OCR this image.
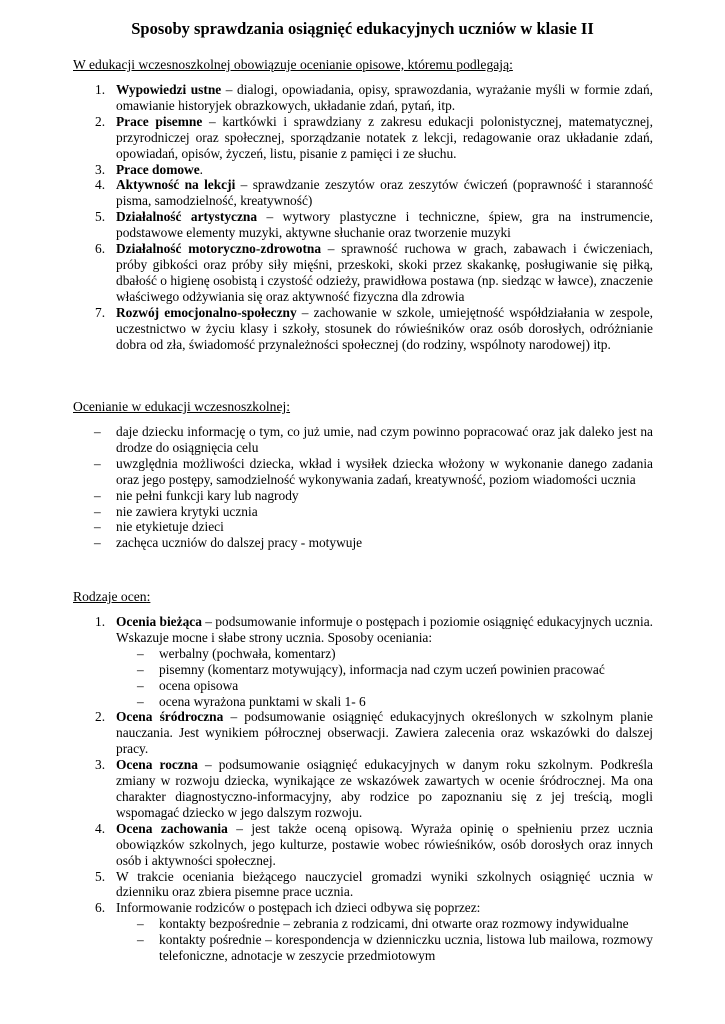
Sposoby sprawdzania osiągnięć edukacyjnych uczniów w klasie II
W edukacji wczesnoszkolnej obowiązuje ocenianie opisowe, któremu podlegają:
1. Wypowiedzi ustne – dialogi, opowiadania, opisy, sprawozdania, wyrażanie myśli w formie zdań, omawianie historyjek obrazkowych, układanie zdań, pytań, itp.
2. Prace pisemne – kartkówki i sprawdziany z zakresu edukacji polonistycznej, matematycznej, przyrodniczej oraz społecznej, sporządzanie notatek z lekcji, redagowanie oraz układanie zdań, opowiadań, opisów, życzeń, listu, pisanie z pamięci i ze słuchu.
3. Prace domowe.
4. Aktywność na lekcji – sprawdzanie zeszytów oraz zeszytów ćwiczeń (poprawność i staranność pisma, samodzielność, kreatywność)
5. Działalność artystyczna – wytwory plastyczne i techniczne, śpiew, gra na instrumencie, podstawowe elementy muzyki, aktywne słuchanie oraz tworzenie muzyki
6. Działalność motoryczno-zdrowotna – sprawność ruchowa w grach, zabawach i ćwiczeniach, próby gibkości oraz próby siły mięśni, przeskoki, skoki przez skakankę, posługiwanie się piłką, dbałość o higienę osobistą i czystość odzieży, prawidłowa postawa (np. siedząc w ławce), znaczenie właściwego odżywiania się oraz aktywność fizyczna dla zdrowia
7. Rozwój emocjonalno-społeczny – zachowanie w szkole, umiejętność współdziałania w zespole, uczestnictwo w życiu klasy i szkoły, stosunek do rówieśników oraz osób dorosłych, odróżnianie dobra od zła, świadomość przynależności społecznej (do rodziny, wspólnoty narodowej) itp.
Ocenianie w edukacji wczesnoszkolnej:
– daje dziecku informację o tym, co już umie, nad czym powinno popracować oraz jak daleko jest na drodze do osiągnięcia celu
– uwzględnia możliwości dziecka, wkład i wysiłek dziecka włożony w wykonanie danego zadania oraz jego postępy, samodzielność wykonywania zadań, kreatywność, poziom wiadomości ucznia
– nie pełni funkcji kary lub nagrody
– nie zawiera krytyki ucznia
– nie etykietuje dzieci
– zachęca uczniów do dalszej pracy - motywuje
Rodzaje ocen:
1. Ocenia bieżąca – podsumowanie informuje o postępach i poziomie osiągnięć edukacyjnych ucznia. Wskazuje mocne i słabe strony ucznia. Sposoby oceniania:
– werbalny (pochwała, komentarz)
– pisemny (komentarz motywujący), informacja nad czym uczeń powinien pracować
– ocena opisowa
– ocena wyrażona punktami w skali 1- 6
2. Ocena śródroczna – podsumowanie osiągnięć edukacyjnych określonych w szkolnym planie nauczania. Jest wynikiem półrocznej obserwacji. Zawiera zalecenia oraz wskazówki do dalszej pracy.
3. Ocena roczna – podsumowanie osiągnięć edukacyjnych w danym roku szkolnym. Podkreśla zmiany w rozwoju dziecka, wynikające ze wskazówek zawartych w ocenie śródrocznej. Ma ona charakter diagnostyczno-informacyjny, aby rodzice po zapoznaniu się z jej treścią, mogli wspomagać dziecko w jego dalszym rozwoju.
4. Ocena zachowania – jest także oceną opisową. Wyraża opinię o spełnieniu przez ucznia obowiązków szkolnych, jego kulturze, postawie wobec rówieśników, osób dorosłych oraz innych osób i aktywności społecznej.
5. W trakcie oceniania bieżącego nauczyciel gromadzi wyniki szkolnych osiągnięć ucznia w dzienniku oraz zbiera pisemne prace ucznia.
6. Informowanie rodziców o postępach ich dzieci odbywa się poprzez:
– kontakty bezpośrednie – zebrania z rodzicami, dni otwarte oraz rozmowy indywidualne
– kontakty pośrednie – korespondencja w dzienniczku ucznia, listowa lub mailowa, rozmowy telefoniczne, adnotacje w zeszycie przedmiotowym
